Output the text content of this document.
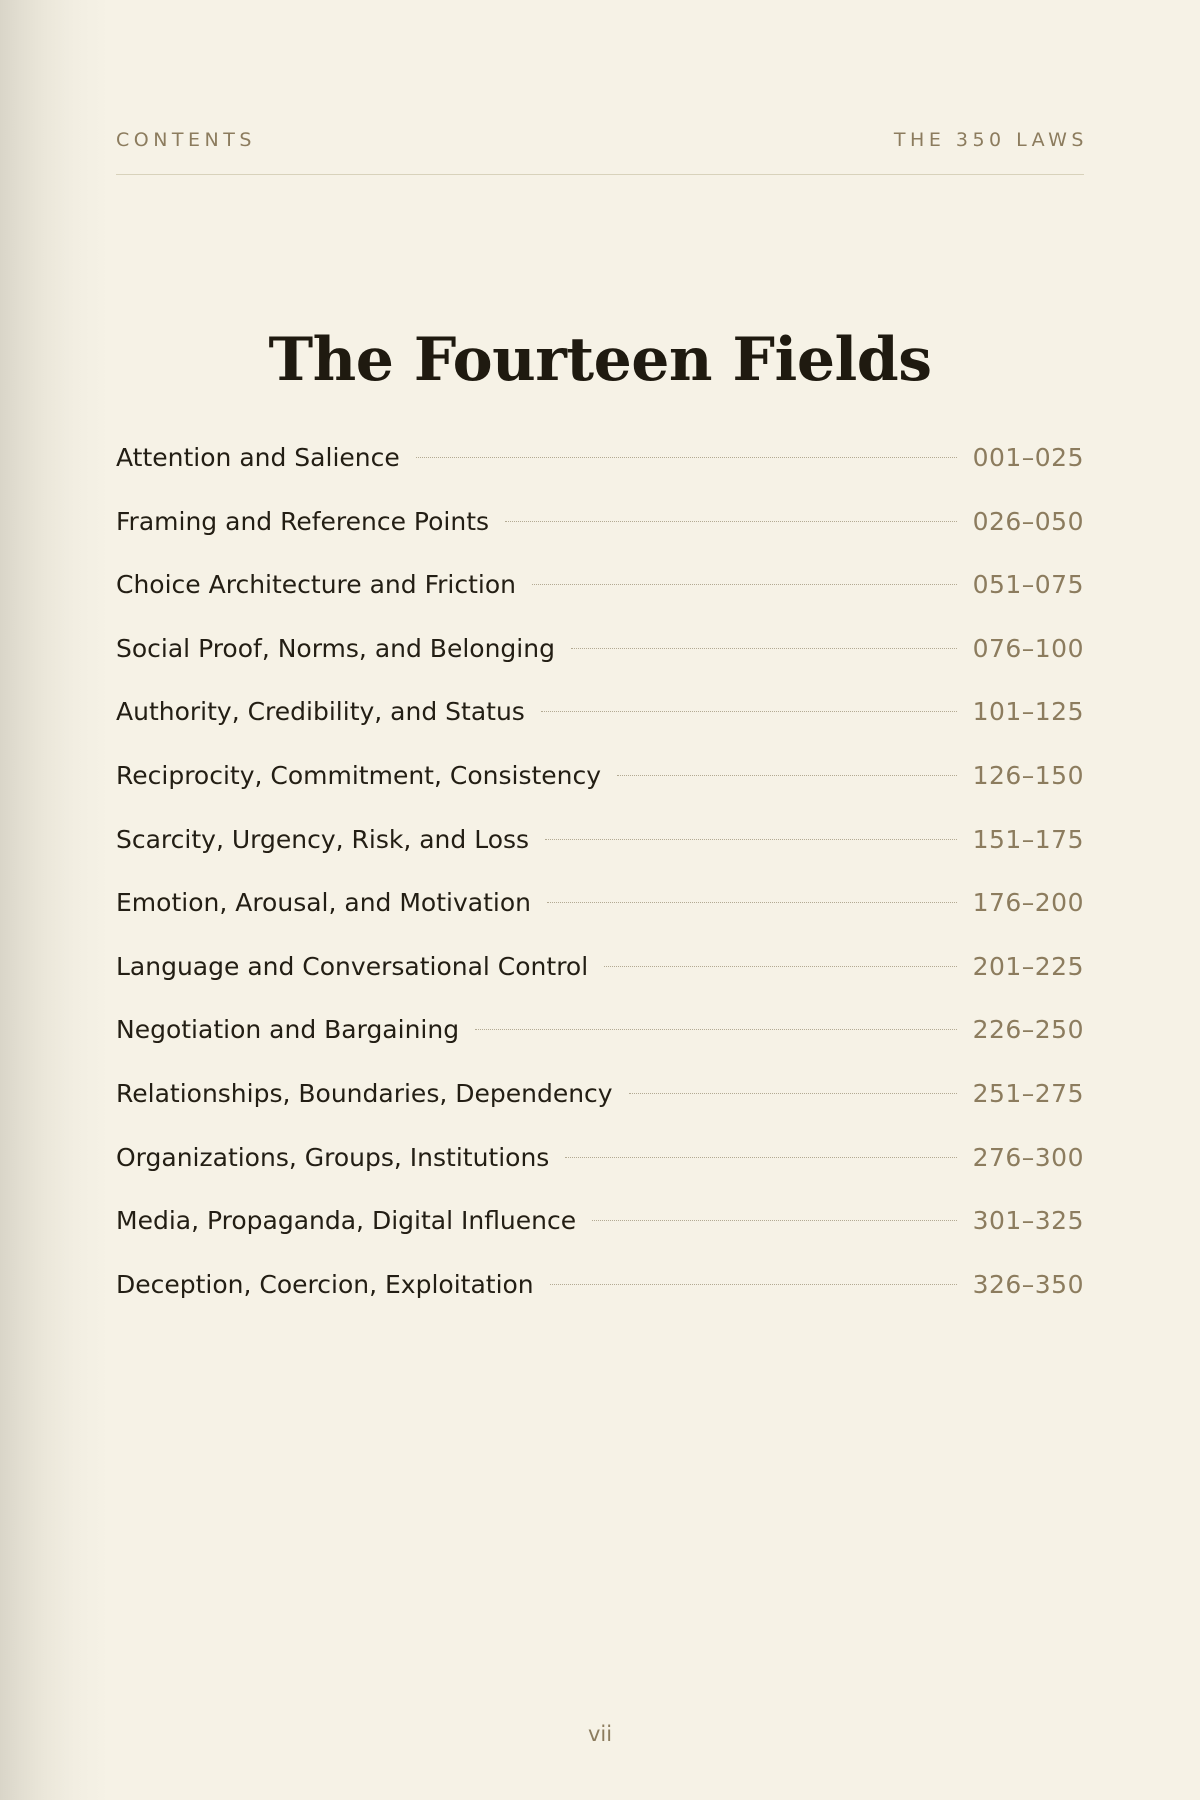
CONTENTS	THE 350 LAWS
The Fourteen Fields
Attention and Salience	001–025
Framing and Reference Points	026–050
Choice Architecture and Friction	051–075
Social Proof, Norms, and Belonging	076–100
Authority, Credibility, and Status	101–125
Reciprocity, Commitment, Consistency	126–150
Scarcity, Urgency, Risk, and Loss	151–175
Emotion, Arousal, and Motivation	176–200
Language and Conversational Control	201–225
Negotiation and Bargaining	226–250
Relationships, Boundaries, Dependency	251–275
Organizations, Groups, Institutions	276–300
Media, Propaganda, Digital Influence	301–325
Deception, Coercion, Exploitation	326–350
vii
